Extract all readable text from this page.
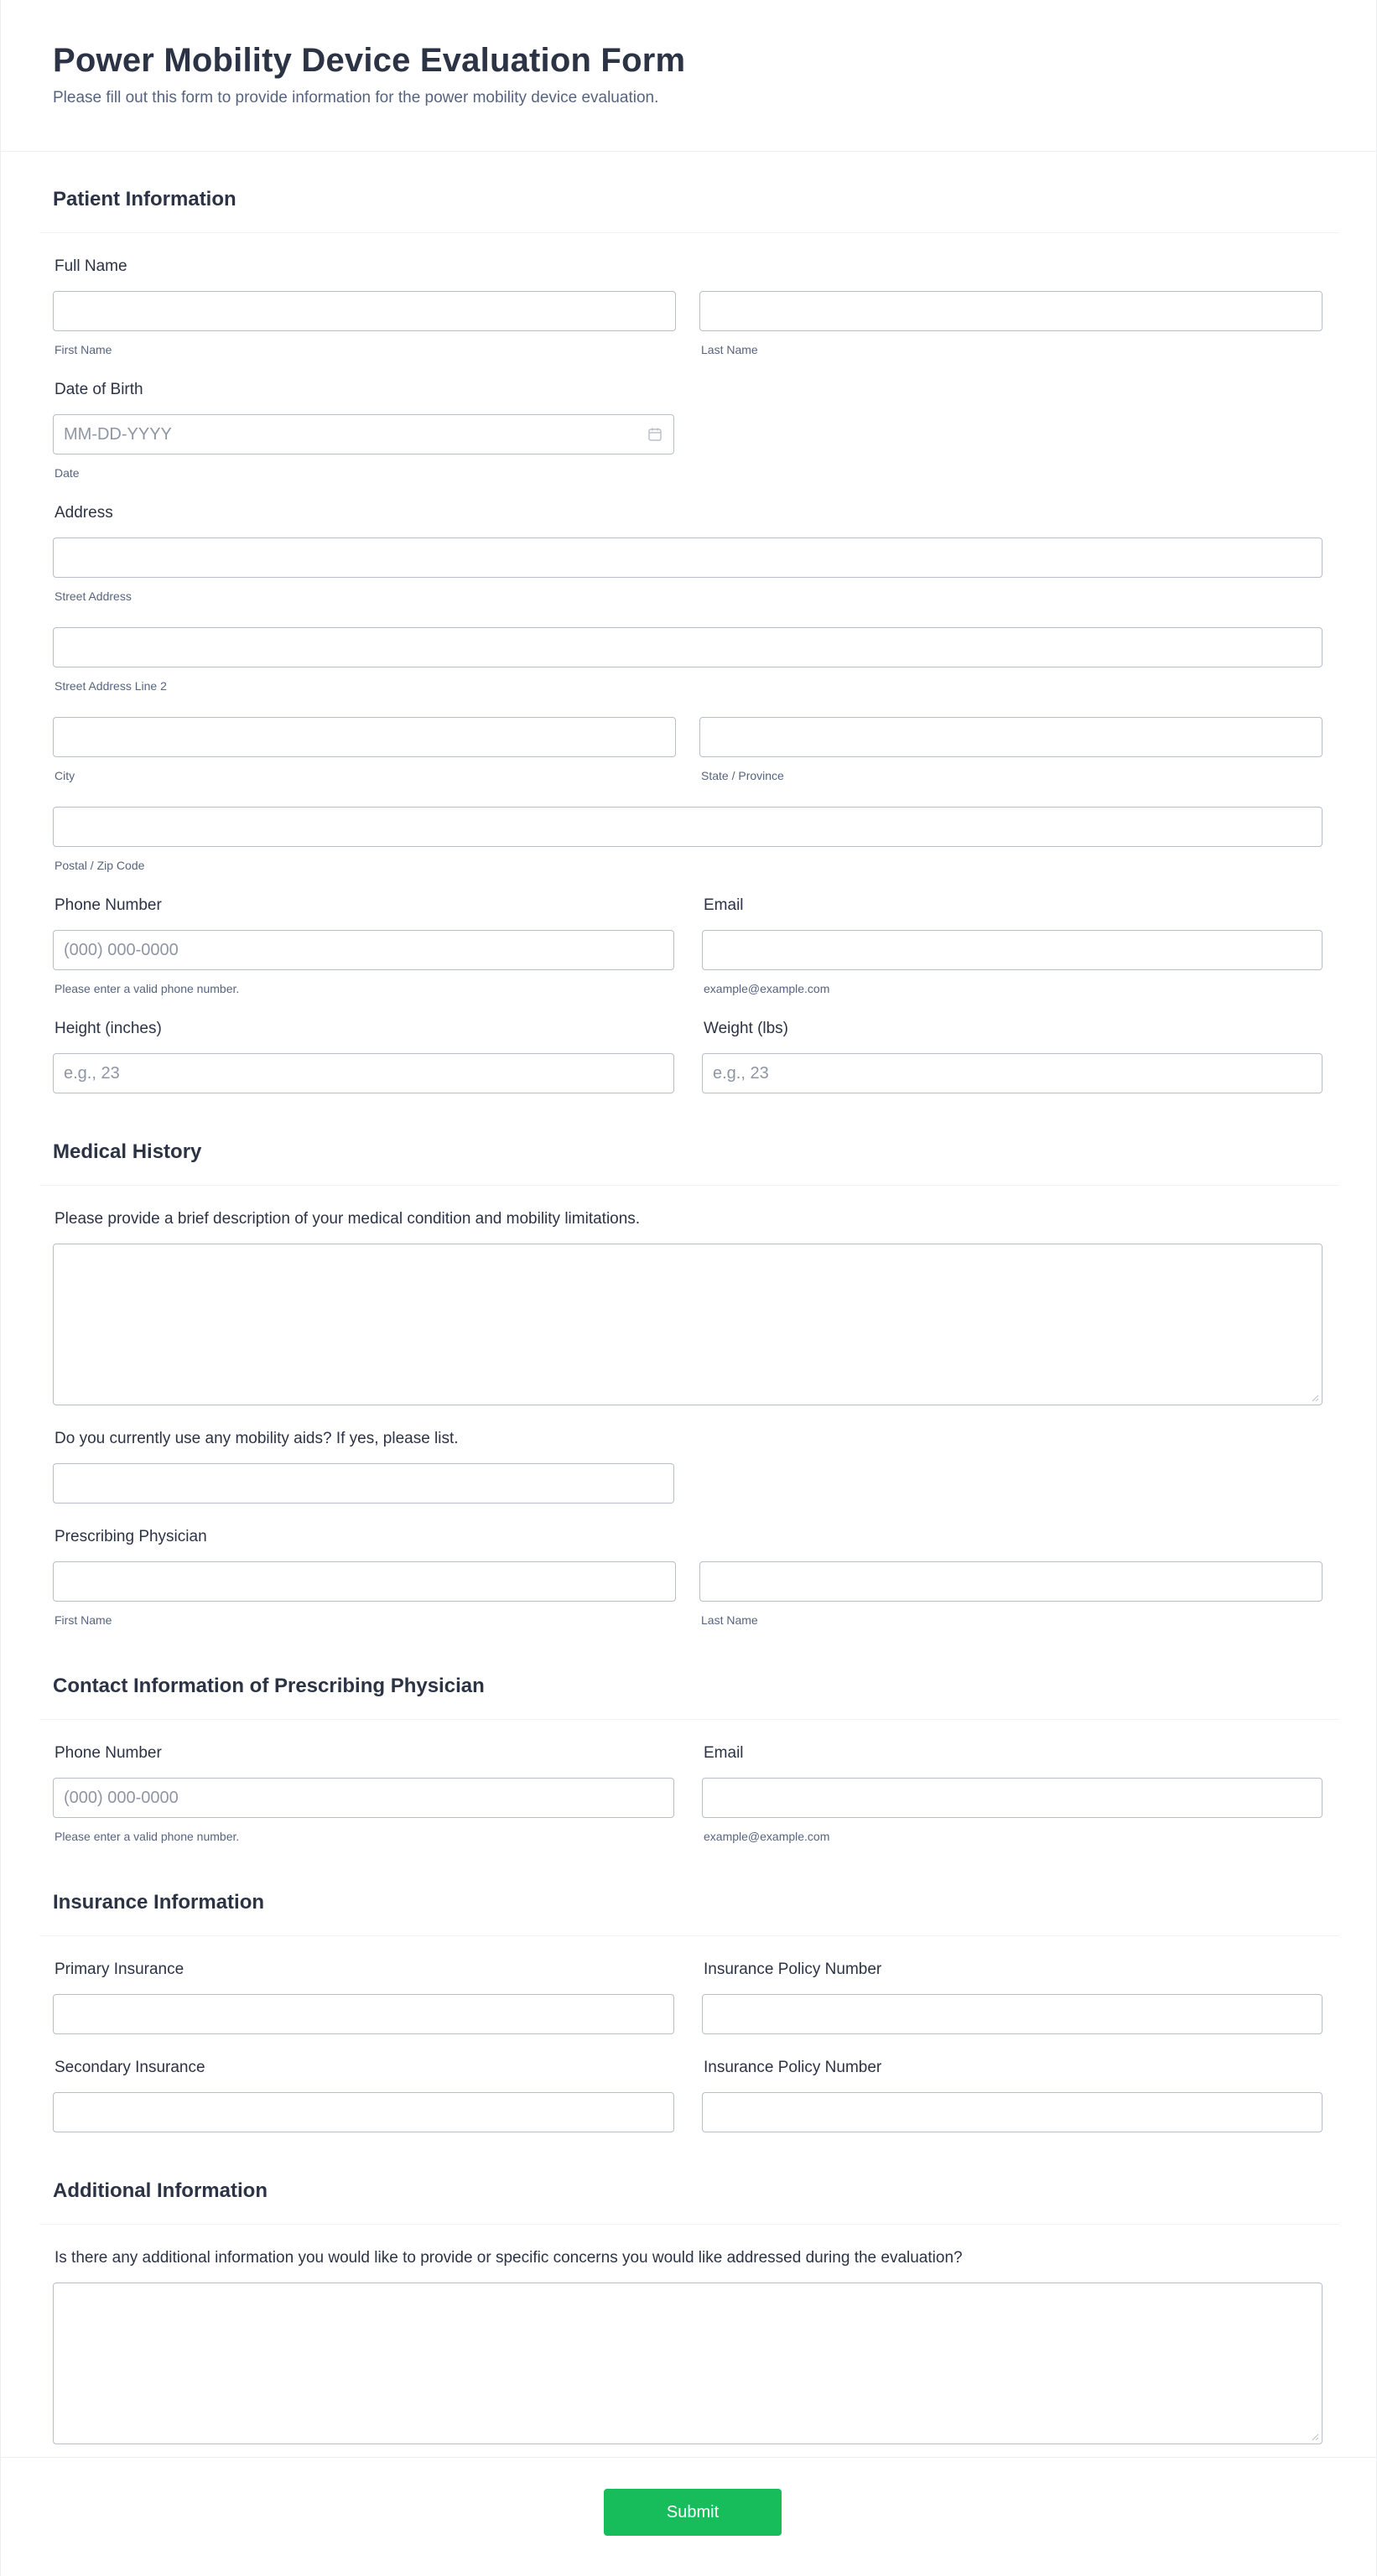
Power Mobility Device Evaluation Form
Please fill out this form to provide information for the power mobility device evaluation.
Patient Information
Full Name
First Name	Last Name
Date of Birth
MM-DD-YYYY
Date
Address
Street Address
Street Address Line 2
City	State / Province
Postal / Zip Code
Phone Number	Email
(000) 000-0000
Please enter a valid phone number.	example@example.com
Height (inches)	Weight (lbs)
e.g., 23
e.g., 23
Medical History
Please provide a brief description of your medical condition and mobility limitations.
Do you currently use any mobility aids? If yes, please list.
Prescribing Physician
First Name	Last Name
Contact Information of Prescribing Physician
Phone Number	Email
(000) 000-0000
Please enter a valid phone number.	example@example.com
Insurance Information
Primary Insurance	Insurance Policy Number
Secondary Insurance	Insurance Policy Number
Additional Information
Is there any additional information you would like to provide or specific concerns you would like addressed during the evaluation?
Submit
